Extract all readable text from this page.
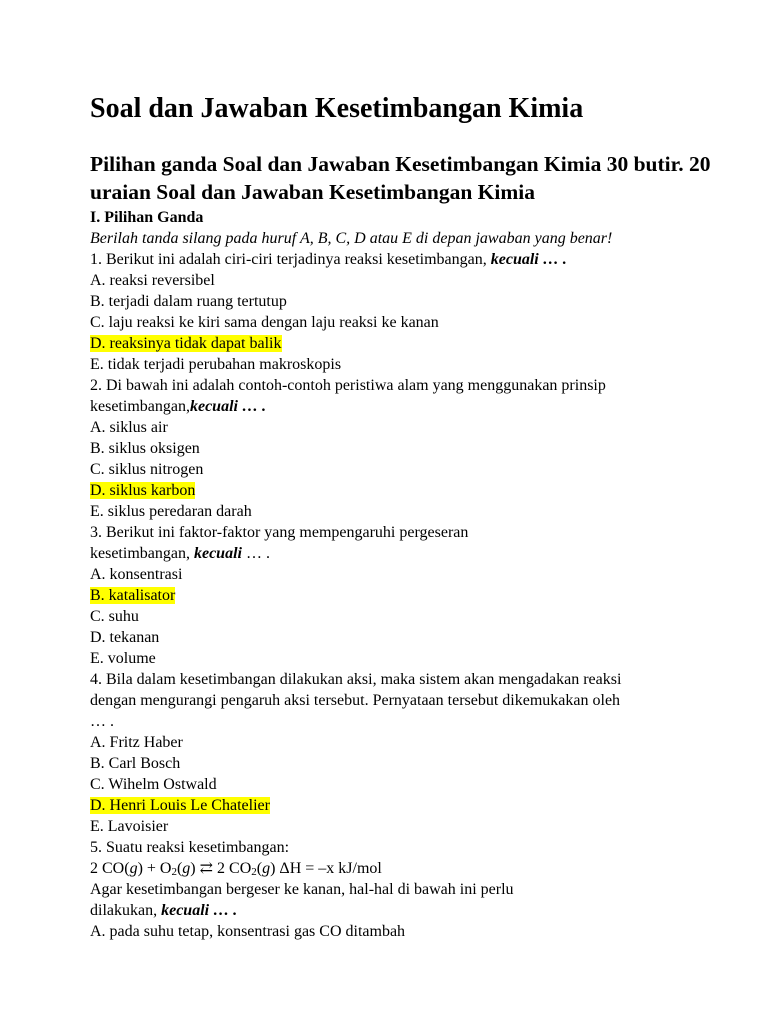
Soal dan Jawaban Kesetimbangan Kimia
Pilihan ganda Soal dan Jawaban Kesetimbangan Kimia 30 butir. 20 uraian Soal dan Jawaban Kesetimbangan Kimia
I. Pilihan Ganda
Berilah tanda silang pada huruf A, B, C, D atau E di depan jawaban yang benar!
1. Berikut ini adalah ciri-ciri terjadinya reaksi kesetimbangan, kecuali … .
A. reaksi reversibel
B. terjadi dalam ruang tertutup
C. laju reaksi ke kiri sama dengan laju reaksi ke kanan
D. reaksinya tidak dapat balik
E. tidak terjadi perubahan makroskopis
2. Di bawah ini adalah contoh-contoh peristiwa alam yang menggunakan prinsip
kesetimbangan,kecuali … .
A. siklus air
B. siklus oksigen
C. siklus nitrogen
D. siklus karbon
E. siklus peredaran darah
3. Berikut ini faktor-faktor yang mempengaruhi pergeseran
kesetimbangan, kecuali … .
A. konsentrasi
B. katalisator
C. suhu
D. tekanan
E. volume
4. Bila dalam kesetimbangan dilakukan aksi, maka sistem akan mengadakan reaksi
dengan mengurangi pengaruh aksi tersebut. Pernyataan tersebut dikemukakan oleh
… .
A. Fritz Haber
B. Carl Bosch
C. Wihelm Ostwald
D. Henri Louis Le Chatelier
E. Lavoisier
5. Suatu reaksi kesetimbangan:
2 $CO(g) + O_2(g)$ ⇄ 2 $CO_2(g) \Delta H = -x$ kJ/mol
Agar kesetimbangan bergeser ke kanan, hal-hal di bawah ini perlu
dilakukan, kecuali … .
A. pada suhu tetap, konsentrasi gas CO ditambah
